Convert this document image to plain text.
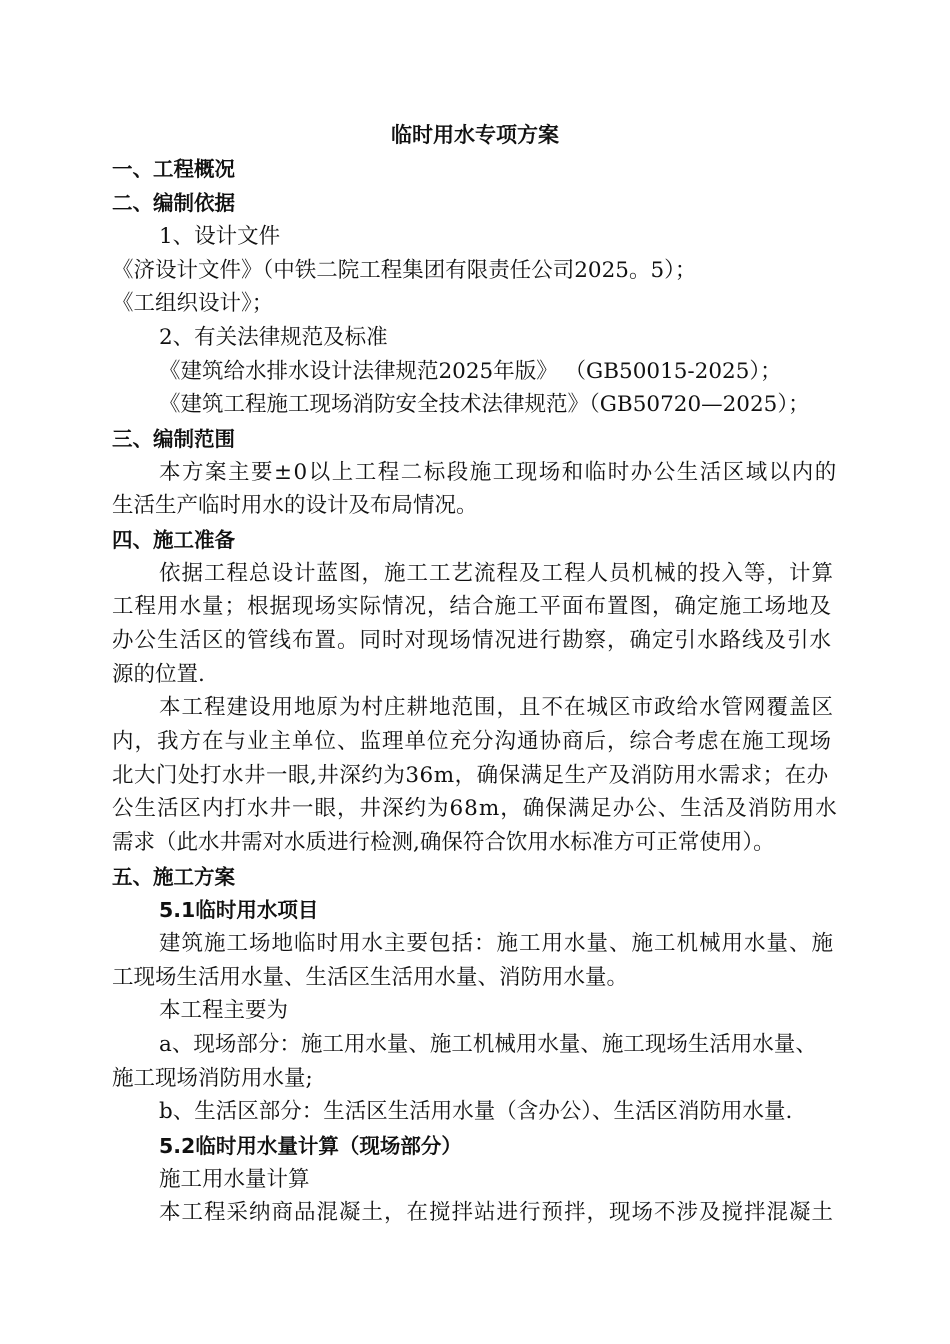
临时用水专项方案
一、工程概况
二、编制依据
1、设计文件
《济设计文件》（中铁二院工程集团有限责任公司2025。5）；
《工组织设计》；
2、有关法律规范及标准
《建筑给水排水设计法律规范2025年版》 （GB50015-2025）；
《建筑工程施工现场消防安全技术法律规范》（GB50720—2025）；
三、编制范围
本方案主要±0以上工程二标段施工现场和临时办公生活区域以内的
生活生产临时用水的设计及布局情况。
四、施工准备
依据工程总设计蓝图，施工工艺流程及工程人员机械的投入等，计算
工程用水量；根据现场实际情况，结合施工平面布置图，确定施工场地及
办公生活区的管线布置。同时对现场情况进行勘察，确定引水路线及引水
源的位置.
本工程建设用地原为村庄耕地范围，且不在城区市政给水管网覆盖区
内，我方在与业主单位、监理单位充分沟通协商后，综合考虑在施工现场
北大门处打水井一眼,井深约为36m，确保满足生产及消防用水需求；在办
公生活区内打水井一眼，井深约为68m，确保满足办公、生活及消防用水
需求（此水井需对水质进行检测,确保符合饮用水标准方可正常使用）。
五、施工方案
5.1临时用水项目
建筑施工场地临时用水主要包括：施工用水量、施工机械用水量、施
工现场生活用水量、生活区生活用水量、消防用水量。
本工程主要为
a、现场部分：施工用水量、施工机械用水量、施工现场生活用水量、
施工现场消防用水量;
b、生活区部分：生活区生活用水量（含办公）、生活区消防用水量.
5.2临时用水量计算（现场部分）
施工用水量计算
本工程采纳商品混凝土，在搅拌站进行预拌，现场不涉及搅拌混凝土
